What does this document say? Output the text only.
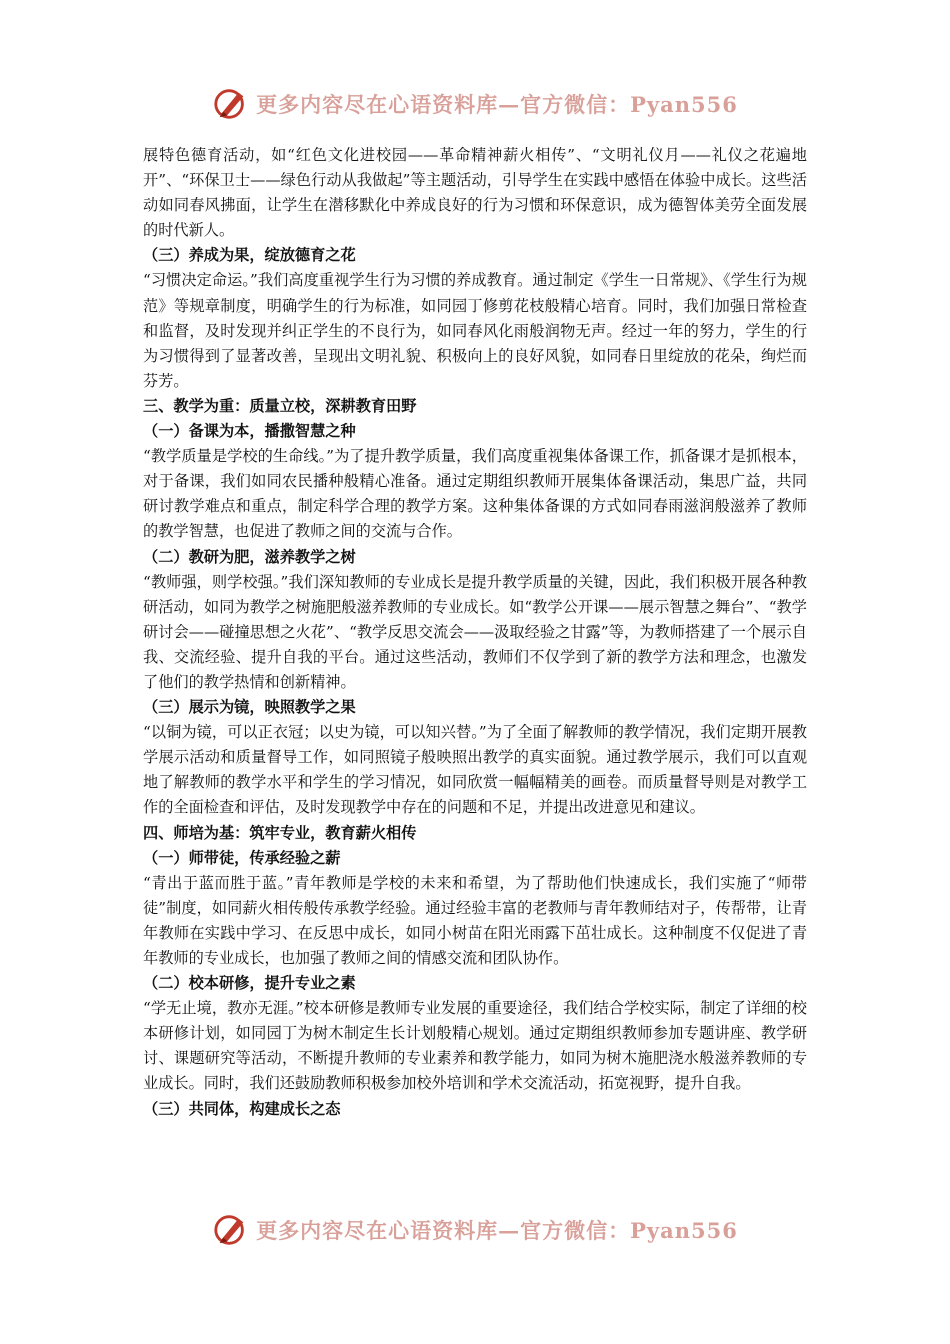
更多内容尽在心语资料库—官方微信：Pyan556

展特色德育活动，如“红色文化进校园——革命精神薪火相传”、“文明礼仪月——礼仪之花遍地开”、“环保卫士——绿色行动从我做起”等主题活动，引导学生在实践中感悟在体验中成长。这些活动如同春风拂面，让学生在潜移默化中养成良好的行为习惯和环保意识，成为德智体美劳全面发展的时代新人。

（三）养成为果，绽放德育之花

“习惯决定命运。”我们高度重视学生行为习惯的养成教育。通过制定《学生一日常规》、《学生行为规范》等规章制度，明确学生的行为标准，如同园丁修剪花枝般精心培育。同时，我们加强日常检查和监督，及时发现并纠正学生的不良行为，如同春风化雨般润物无声。经过一年的努力，学生的行为习惯得到了显著改善，呈现出文明礼貌、积极向上的良好风貌，如同春日里绽放的花朵，绚烂而芬芳。

三、教学为重：质量立校，深耕教育田野

（一）备课为本，播撒智慧之种

“教学质量是学校的生命线。”为了提升教学质量，我们高度重视集体备课工作，抓备课才是抓根本，对于备课，我们如同农民播种般精心准备。通过定期组织教师开展集体备课活动，集思广益，共同研讨教学难点和重点，制定科学合理的教学方案。这种集体备课的方式如同春雨滋润般滋养了教师的教学智慧，也促进了教师之间的交流与合作。

（二）教研为肥，滋养教学之树

“教师强，则学校强。”我们深知教师的专业成长是提升教学质量的关键，因此，我们积极开展各种教研活动，如同为教学之树施肥般滋养教师的专业成长。如“教学公开课——展示智慧之舞台”、“教学研讨会——碰撞思想之火花”、“教学反思交流会——汲取经验之甘露”等，为教师搭建了一个展示自我、交流经验、提升自我的平台。通过这些活动，教师们不仅学到了新的教学方法和理念，也激发了他们的教学热情和创新精神。

（三）展示为镜，映照教学之果

“以铜为镜，可以正衣冠；以史为镜，可以知兴替。”为了全面了解教师的教学情况，我们定期开展教学展示活动和质量督导工作，如同照镜子般映照出教学的真实面貌。通过教学展示，我们可以直观地了解教师的教学水平和学生的学习情况，如同欣赏一幅幅精美的画卷。而质量督导则是对教学工作的全面检查和评估，及时发现教学中存在的问题和不足，并提出改进意见和建议。

四、师培为基：筑牢专业，教育薪火相传

（一）师带徒，传承经验之薪

“青出于蓝而胜于蓝。”青年教师是学校的未来和希望，为了帮助他们快速成长，我们实施了“师带徒”制度，如同薪火相传般传承教学经验。通过经验丰富的老教师与青年教师结对子，传帮带，让青年教师在实践中学习、在反思中成长，如同小树苗在阳光雨露下茁壮成长。这种制度不仅促进了青年教师的专业成长，也加强了教师之间的情感交流和团队协作。

（二）校本研修，提升专业之素

“学无止境，教亦无涯。”校本研修是教师专业发展的重要途径，我们结合学校实际，制定了详细的校本研修计划，如同园丁为树木制定生长计划般精心规划。通过定期组织教师参加专题讲座、教学研讨、课题研究等活动，不断提升教师的专业素养和教学能力，如同为树木施肥浇水般滋养教师的专业成长。同时，我们还鼓励教师积极参加校外培训和学术交流活动，拓宽视野，提升自我。

（三）共同体，构建成长之态

更多内容尽在心语资料库—官方微信：Pyan556
